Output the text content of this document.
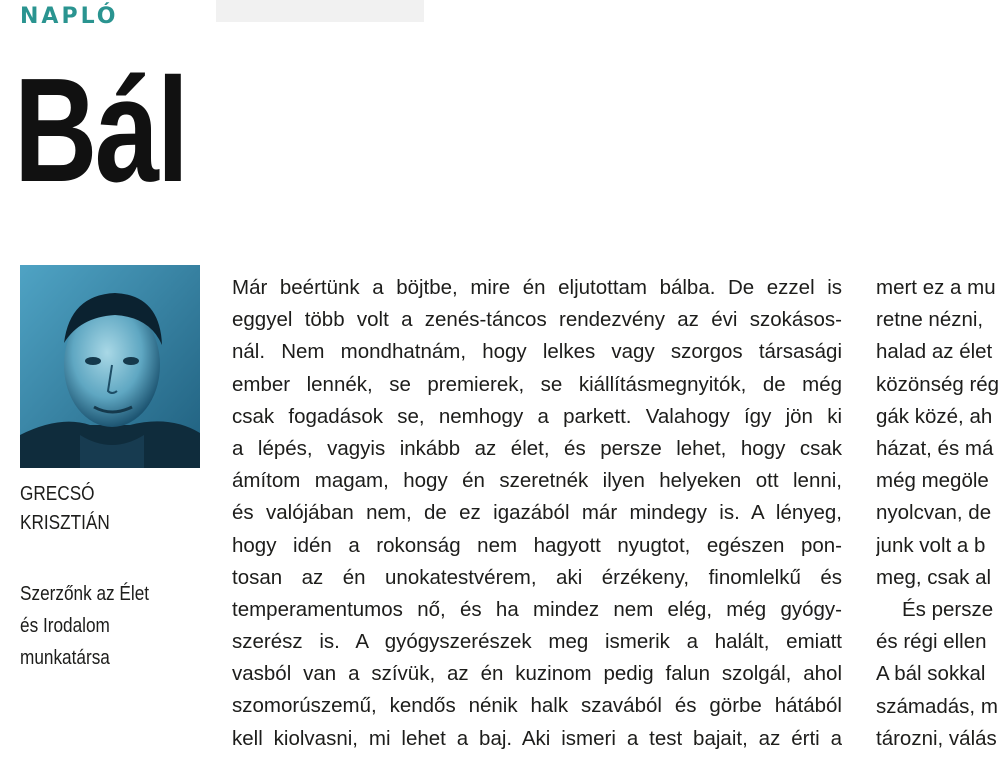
NAPLÓ
Bál
GRECSÓ
KRISZTIÁN
Szerzőnk az Élet
és Irodalom
munkatársa
Már beértünk a böjtbe, mire én eljutottam bálba. De ezzel is
eggyel több volt a zenés-táncos rendezvény az évi szokásos-
nál. Nem mondhatnám, hogy lelkes vagy szorgos társasági
ember lennék, se premierek, se kiállításmegnyitók, de még
csak fogadások se, nemhogy a parkett. Valahogy így jön ki
a lépés, vagyis inkább az élet, és persze lehet, hogy csak
ámítom magam, hogy én szeretnék ilyen helyeken ott lenni,
és valójában nem, de ez igazából már mindegy is. A lényeg,
hogy idén a rokonság nem hagyott nyugtot, egészen pon-
tosan az én unokatestvérem, aki érzékeny, finomlelkű és
temperamentumos nő, és ha mindez nem elég, még gyógy-
szerész is. A gyógyszerészek meg ismerik a halált, emiatt
vasból van a szívük, az én kuzinom pedig falun szolgál, ahol
szomorúszemű, kendős nénik halk szavából és görbe hátából
kell kiolvasni, mi lehet a baj. Aki ismeri a test bajait, az érti a
mert ez a mu
retne nézni,
halad az élet
közönség rég
gák közé, ah
házat, és má
még megöle
nyolcvan, de
junk volt a b
meg, csak al
És persze
és régi ellen
A bál sokkal
számadás, m
tározni, válás
